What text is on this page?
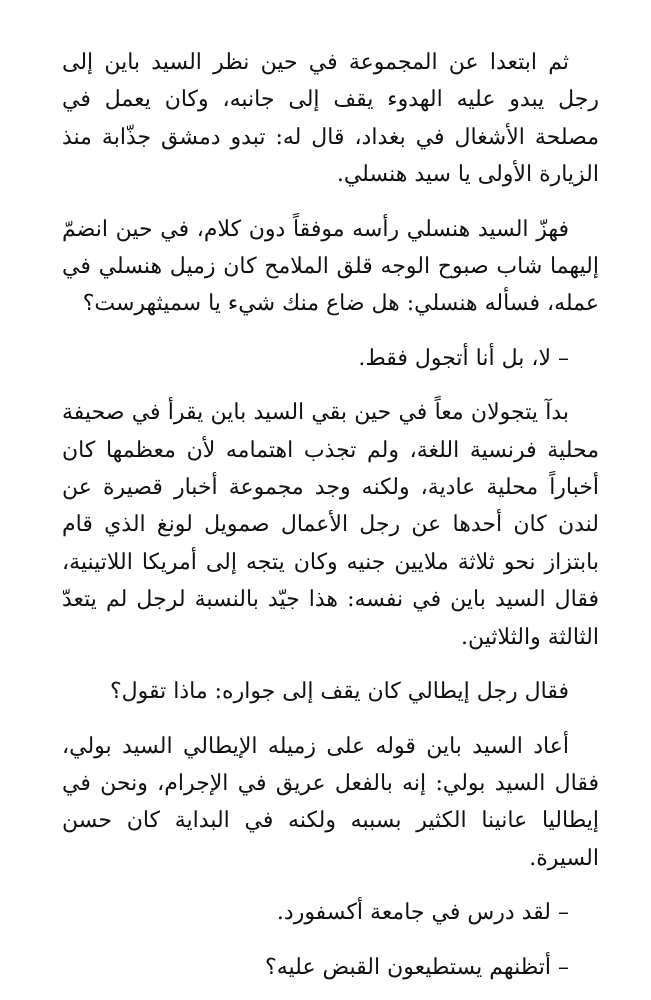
ثم ابتعدا عن المجموعة في حين نظر السيد باين إلى رجل يبدو عليه الهدوء يقف إلى جانبه، وكان يعمل في مصلحة الأشغال في بغداد، قال له: تبدو دمشق جذّابة منذ الزيارة الأولى يا سيد هنسلي.

فهزّ السيد هنسلي رأسه موفقاً دون كلام، في حين انضمّ إليهما شاب صبوح الوجه قلق الملامح كان زميل هنسلي في عمله، فسأله هنسلي: هل ضاع منك شيء يا سميثهرست؟

– لا، بل أنا أتجول فقط.

بدآ يتجولان معاً في حين بقي السيد باين يقرأ في صحيفة محلية فرنسية اللغة، ولم تجذب اهتمامه لأن معظمها كان أخباراً محلية عادية، ولكنه وجد مجموعة أخبار قصيرة عن لندن كان أحدها عن رجل الأعمال صمويل لونغ الذي قام بابتزاز نحو ثلاثة ملايين جنيه وكان يتجه إلى أمريكا اللاتينية، فقال السيد باين في نفسه: هذا جيّد بالنسبة لرجل لم يتعدّ الثالثة والثلاثين.

فقال رجل إيطالي كان يقف إلى جواره: ماذا تقول؟

أعاد السيد باين قوله على زميله الإيطالي السيد بولي، فقال السيد بولي: إنه بالفعل عريق في الإجرام، ونحن في إيطاليا عانينا الكثير بسببه ولكنه في البداية كان حسن السيرة.

– لقد درس في جامعة أكسفورد.

– أتظنهم يستطيعون القبض عليه؟
